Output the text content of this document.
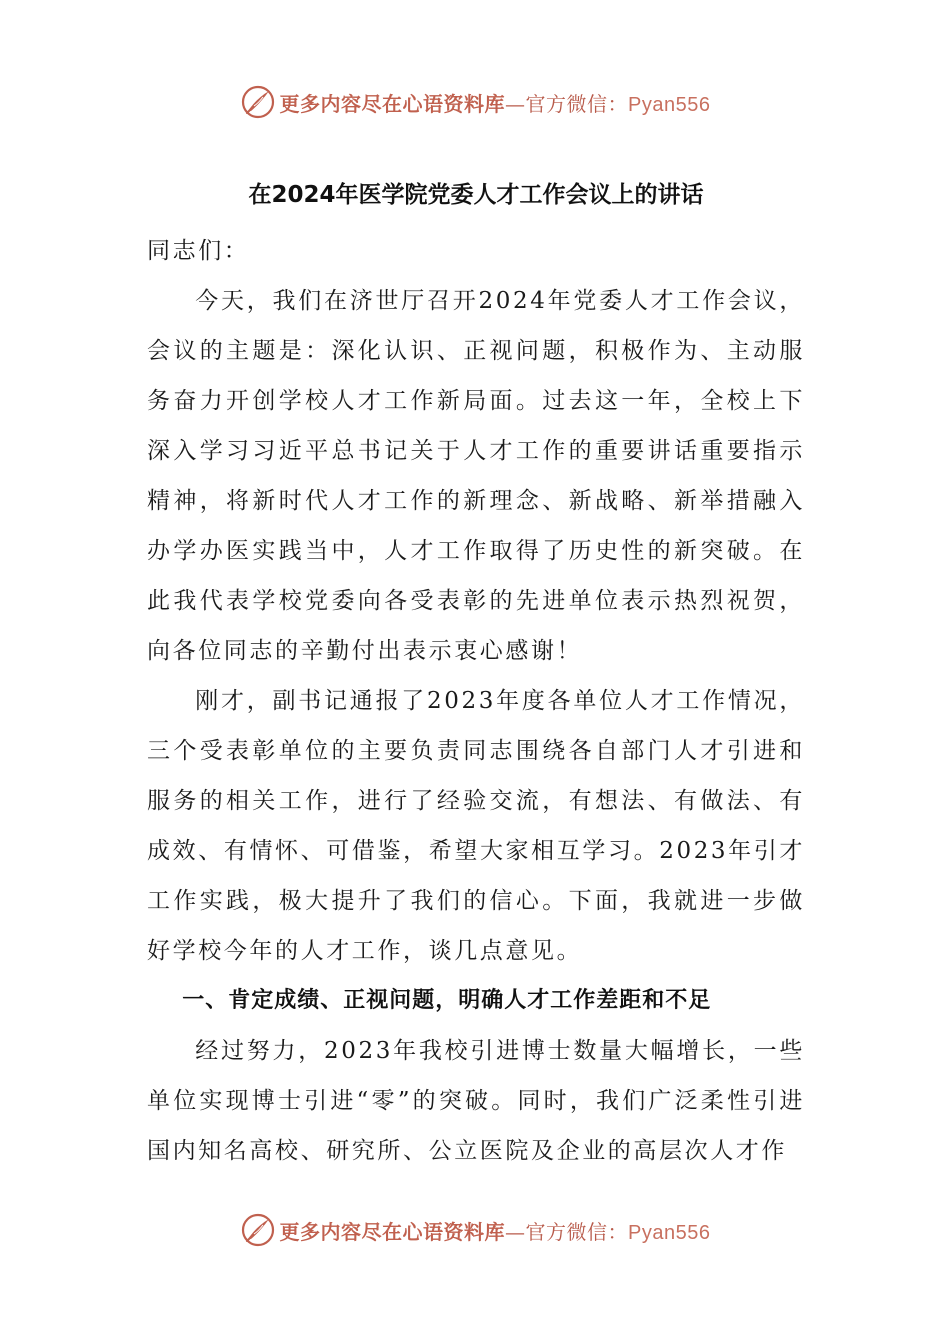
更多内容尽在心语资料库—官方微信：Pyan556
在2024年医学院党委人才工作会议上的讲话

同志们：

今天，我们在济世厅召开2024年党委人才工作会议，会议的主题是：深化认识、正视问题，积极作为、主动服务奋力开创学校人才工作新局面。过去这一年，全校上下深入学习习近平总书记关于人才工作的重要讲话重要指示精神，将新时代人才工作的新理念、新战略、新举措融入办学办医实践当中，人才工作取得了历史性的新突破。在此我代表学校党委向各受表彰的先进单位表示热烈祝贺，向各位同志的辛勤付出表示衷心感谢！

刚才，副书记通报了2023年度各单位人才工作情况，三个受表彰单位的主要负责同志围绕各自部门人才引进和服务的相关工作，进行了经验交流，有想法、有做法、有成效、有情怀、可借鉴，希望大家相互学习。2023年引才工作实践，极大提升了我们的信心。下面，我就进一步做好学校今年的人才工作，谈几点意见。

一、肯定成绩、正视问题，明确人才工作差距和不足

经过努力，2023年我校引进博士数量大幅增长，一些单位实现博士引进“零”的突破。同时，我们广泛柔性引进国内知名高校、研究所、公立医院及企业的高层次人才作

更多内容尽在心语资料库—官方微信：Pyan556
